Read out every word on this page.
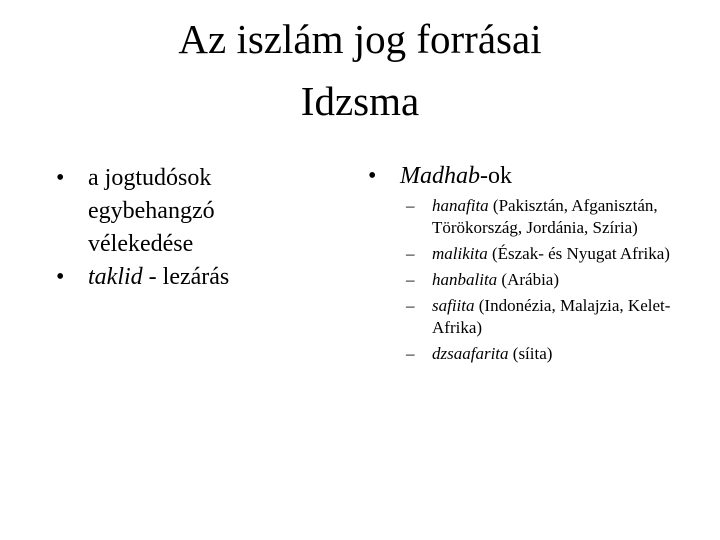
Az iszlám jog forrásai
Idzsma
• a jogtudósok egybehangzó vélekedése
• taklid - lezárás
• Madhab-ok
– hanafita (Pakisztán, Afganisztán, Törökország, Jordánia, Szíria)
– malikita (Észak- és Nyugat Afrika)
– hanbalita (Arábia)
– safiita (Indonézia, Malajzia, Kelet-Afrika)
– dzsaafarita (síita)
